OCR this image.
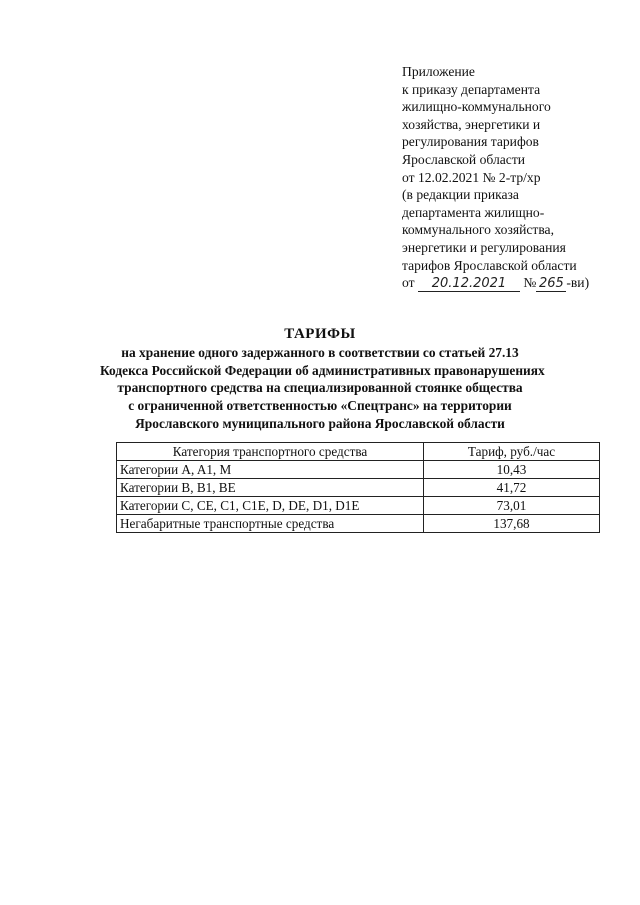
Приложение
к приказу департамента
жилищно-коммунального
хозяйства, энергетики и
регулирования тарифов
Ярославской области
от 12.02.2021 № 2-тр/хр
(в редакции приказа
департамента жилищно-
коммунального хозяйства,
энергетики и регулирования
тарифов Ярославской области
от 20.12.2021 № 265 -ви)
ТАРИФЫ
на хранение одного задержанного в соответствии со статьей 27.13
Кодекса Российской Федерации об административных правонарушениях
транспортного средства на специализированной стоянке общества
с ограниченной ответственностью «Спецтранс» на территории
Ярославского муниципального района Ярославской области
Категория транспортного средства	Тариф, руб./час
Категории A, A1, M	10,43
Категории B, B1, BE	41,72
Категории C, CE, C1, C1E, D, DE, D1, D1E	73,01
Негабаритные транспортные средства	137,68
